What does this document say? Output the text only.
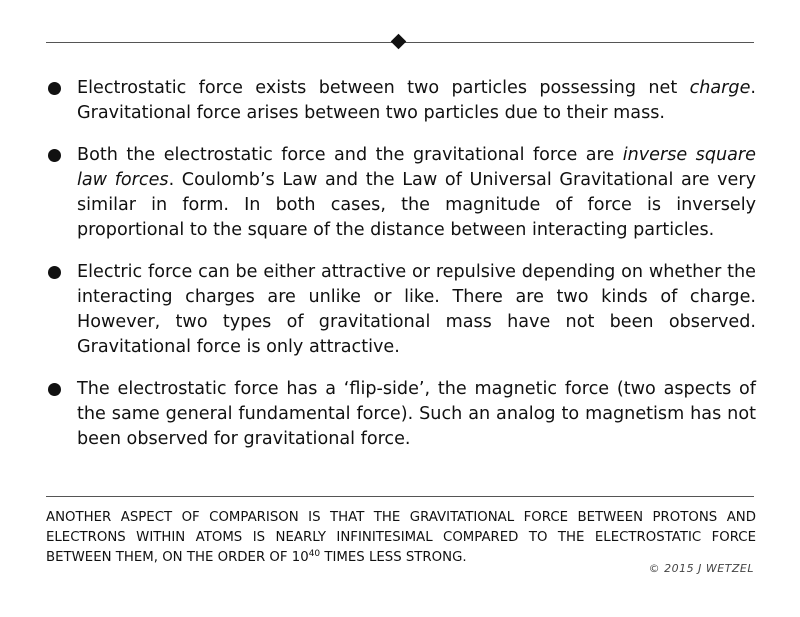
Electrostatic force exists between two particles possessing net charge. Gravitational force arises between two particles due to their mass.
Both the electrostatic force and the gravitational force are inverse square law forces. Coulomb’s Law and the Law of Universal Gravitational are very similar in form. In both cases, the magnitude of force is inversely proportional to the square of the distance between interacting particles.
Electric force can be either attractive or repulsive depending on whether the interacting charges are unlike or like. There are two kinds of charge. However, two types of gravitational mass have not been observed. Gravitational force is only attractive.
The electrostatic force has a ‘flip-side’, the magnetic force (two aspects of the same general fundamental force). Such an analog to magnetism has not been observed for gravitational force.
ANOTHER ASPECT OF COMPARISON IS THAT THE GRAVITATIONAL FORCE BETWEEN PROTONS AND ELECTRONS WITHIN ATOMS IS NEARLY INFINITESIMAL COMPARED TO THE ELECTROSTATIC FORCE BETWEEN THEM, ON THE ORDER OF $10^{40}$ TIMES LESS STRONG.
© 2015 J WETZEL
